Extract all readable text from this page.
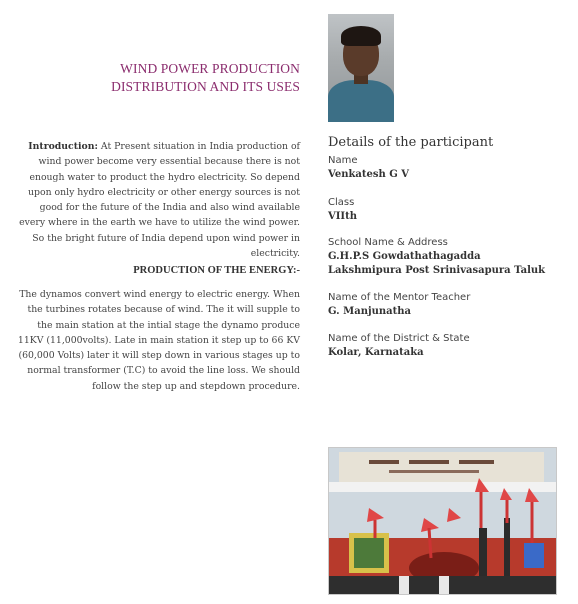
WIND POWER PRODUCTION
DISTRIBUTION AND ITS USES

Introduction: At Present situation in India production of wind power become very essential because there is not enough water to product the hydro electricity. So depend upon only hydro electricity or other energy sources is not good for the future of the India and also wind available every where in the earth we have to utilize the wind power. So the bright future of India depend upon wind power in electricity.

PRODUCTION OF THE ENERGY:-
The dynamos convert wind energy to electric energy. When the turbines rotates because of wind. The it will supple to the main station at the intial stage the dynamo produce 11KV (11,000volts). Late in main station it step up to 66 KV (60,000 Volts) later it will step down in various stages up to normal transformer (T.C) to avoid the line loss. We should follow the step up and stepdown procedure.
Details of the participant
Name
Venkatesh G V
Class
VIIth
School Name & Address
G.H.P.S Gowdathathagadda
Lakshmipura Post Srinivasapura Taluk
Name of the Mentor Teacher
G. Manjunatha
Name of the District & State
Kolar, Karnataka
